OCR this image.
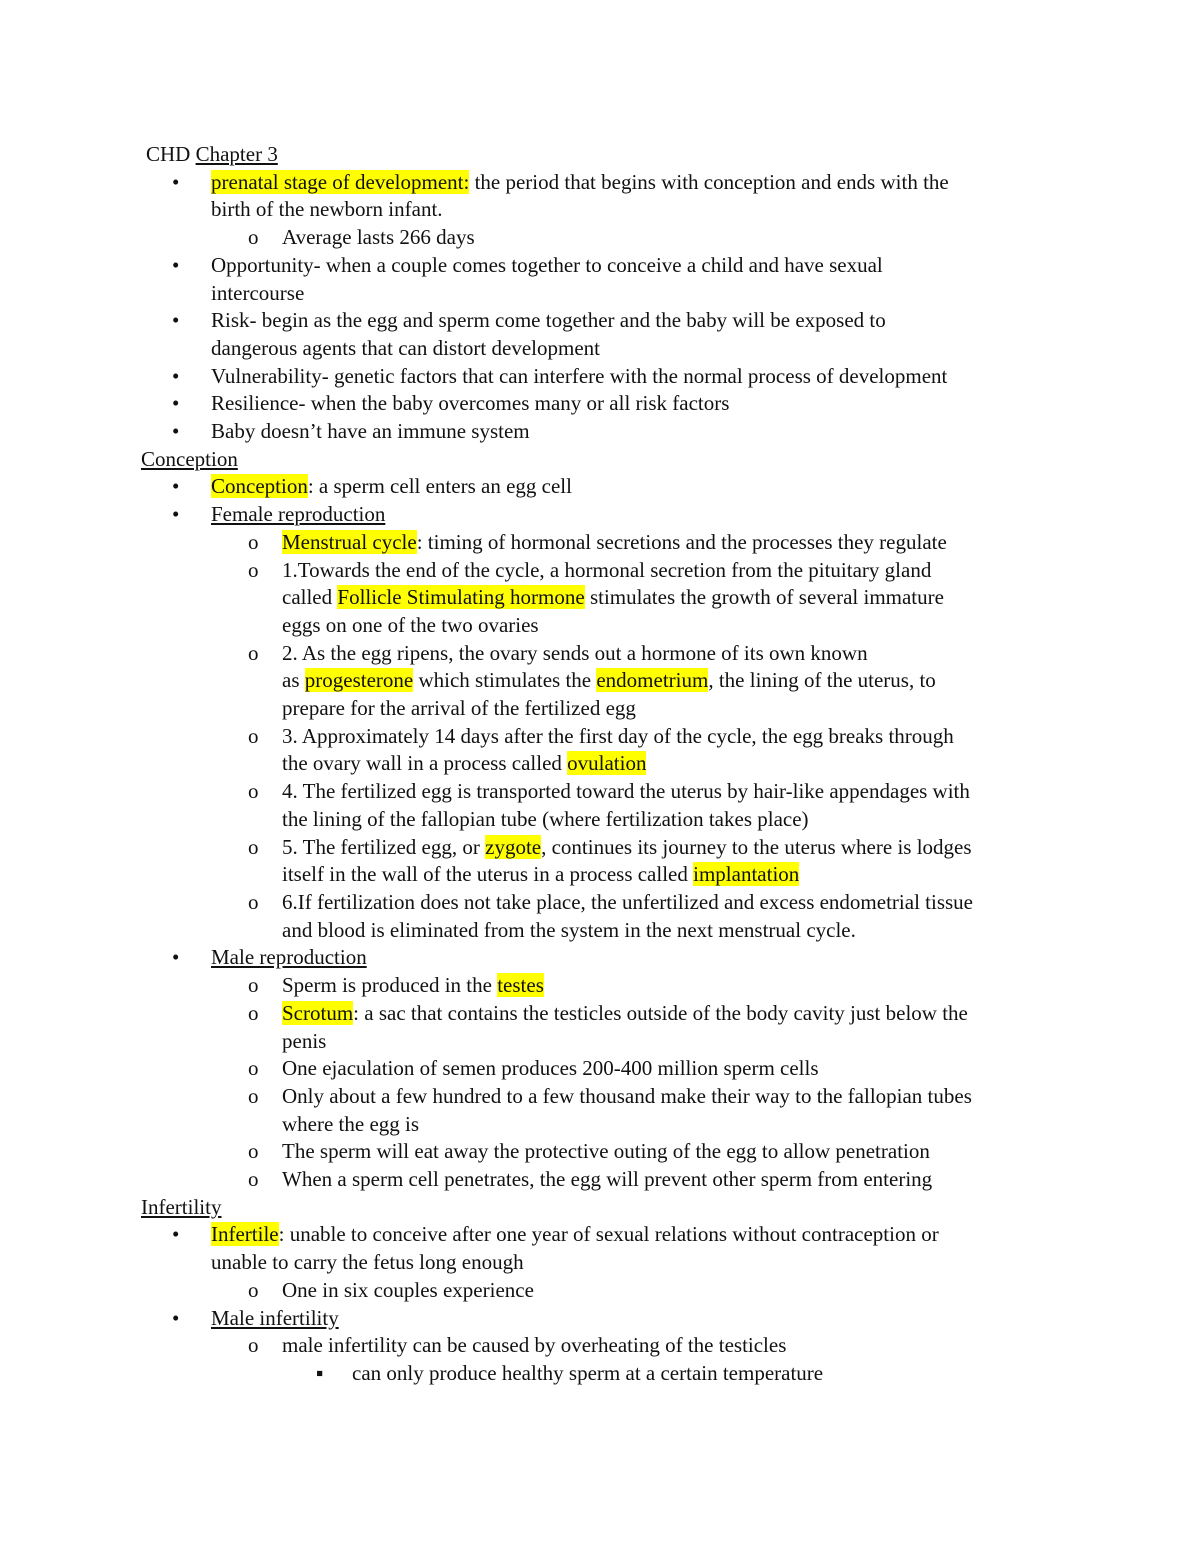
CHD Chapter 3
• prenatal stage of development: the period that begins with conception and ends with the
birth of the newborn infant.
o Average lasts 266 days
• Opportunity- when a couple comes together to conceive a child and have sexual
intercourse
• Risk- begin as the egg and sperm come together and the baby will be exposed to
dangerous agents that can distort development
• Vulnerability- genetic factors that can interfere with the normal process of development
• Resilience- when the baby overcomes many or all risk factors
• Baby doesn’t have an immune system
Conception
• Conception: a sperm cell enters an egg cell
• Female reproduction
o Menstrual cycle: timing of hormonal secretions and the processes they regulate
o 1.Towards the end of the cycle, a hormonal secretion from the pituitary gland
called Follicle Stimulating hormone stimulates the growth of several immature
eggs on one of the two ovaries
o 2. As the egg ripens, the ovary sends out a hormone of its own known
as progesterone which stimulates the endometrium, the lining of the uterus, to
prepare for the arrival of the fertilized egg
o 3. Approximately 14 days after the first day of the cycle, the egg breaks through
the ovary wall in a process called ovulation
o 4. The fertilized egg is transported toward the uterus by hair-like appendages with
the lining of the fallopian tube (where fertilization takes place)
o 5. The fertilized egg, or zygote, continues its journey to the uterus where is lodges
itself in the wall of the uterus in a process called implantation
o 6.If fertilization does not take place, the unfertilized and excess endometrial tissue
and blood is eliminated from the system in the next menstrual cycle.
• Male reproduction
o Sperm is produced in the testes
o Scrotum: a sac that contains the testicles outside of the body cavity just below the
penis
o One ejaculation of semen produces 200-400 million sperm cells
o Only about a few hundred to a few thousand make their way to the fallopian tubes
where the egg is
o The sperm will eat away the protective outing of the egg to allow penetration
o When a sperm cell penetrates, the egg will prevent other sperm from entering
Infertility
• Infertile: unable to conceive after one year of sexual relations without contraception or
unable to carry the fetus long enough
o One in six couples experience
• Male infertility
o male infertility can be caused by overheating of the testicles
▪ can only produce healthy sperm at a certain temperature
